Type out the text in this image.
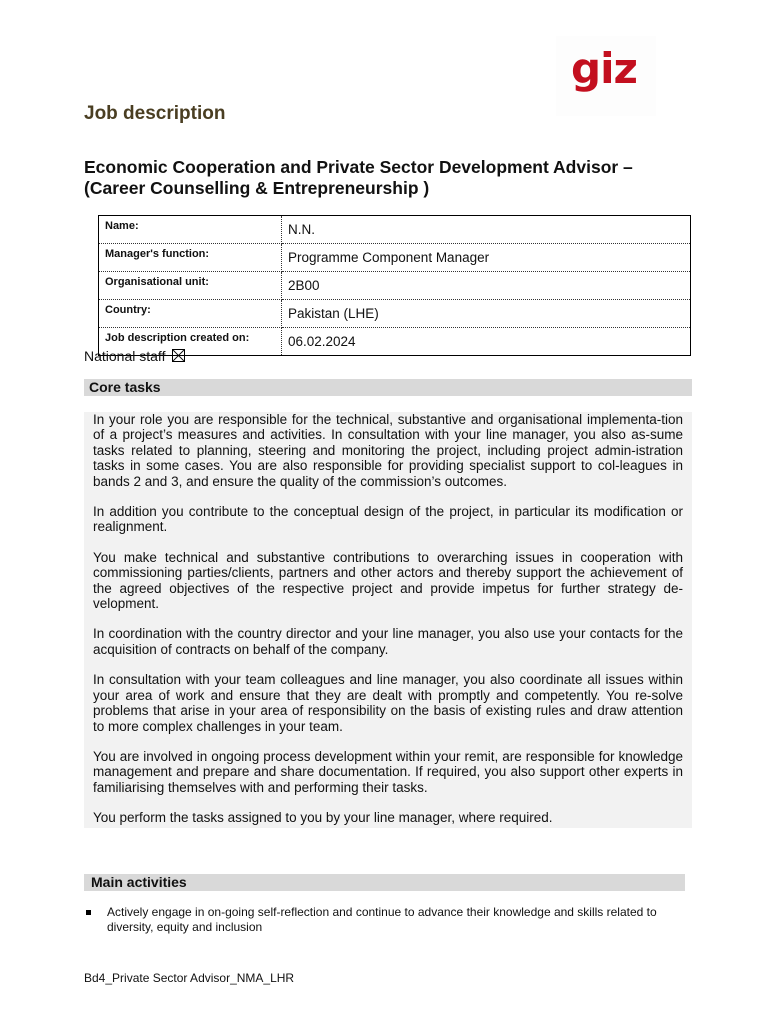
giz
Job description
Economic Cooperation and Private Sector Development Advisor –
(Career Counselling & Entrepreneurship )
Name:	N.N.
Manager's function:	Programme Component Manager
Organisational unit:	2B00
Country:	Pakistan (LHE)
Job description created on:	06.02.2024
National staff
Core tasks

In your role you are responsible for the technical, substantive and organisational implementa-tion of a project’s measures and activities. In consultation with your line manager, you also as-sume tasks related to planning, steering and monitoring the project, including project admin-istration tasks in some cases. You are also responsible for providing specialist support to col-leagues in bands 2 and 3, and ensure the quality of the commission’s outcomes.

In addition you contribute to the conceptual design of the project, in particular its modification or realignment.

You make technical and substantive contributions to overarching issues in cooperation with commissioning parties/clients, partners and other actors and thereby support the achievement of the agreed objectives of the respective project and provide impetus for further strategy de-velopment.

In coordination with the country director and your line manager, you also use your contacts for the acquisition of contracts on behalf of the company.

In consultation with your team colleagues and line manager, you also coordinate all issues within your area of work and ensure that they are dealt with promptly and competently. You re-solve problems that arise in your area of responsibility on the basis of existing rules and draw attention to more complex challenges in your team.

You are involved in ongoing process development within your remit, are responsible for knowledge management and prepare and share documentation. If required, you also support other experts in familiarising themselves with and performing their tasks.

You perform the tasks assigned to you by your line manager, where required.

Main activities
Actively engage in on-going self-reflection and continue to advance their knowledge and skills related to diversity, equity and inclusion
Bd4_Private Sector Advisor_NMA_LHR
